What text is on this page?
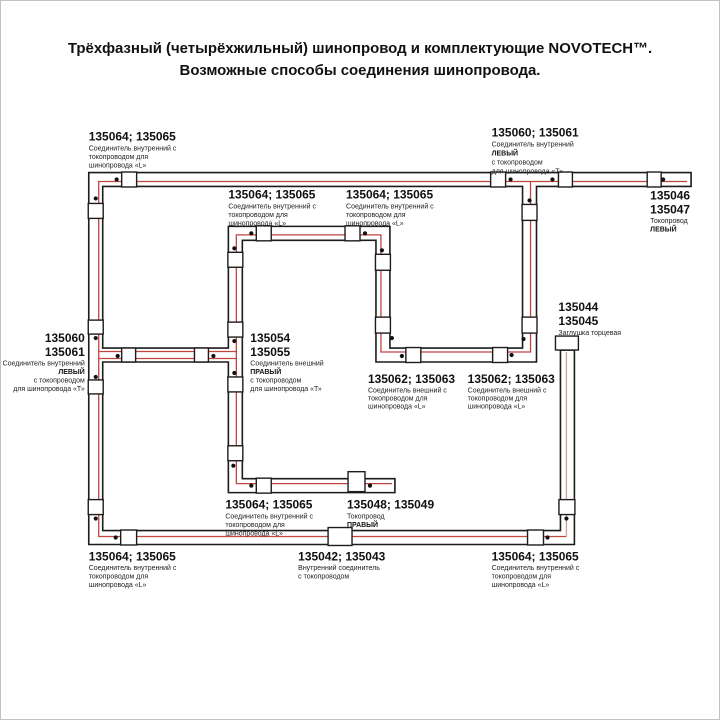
Трёхфазный (четырёхжильный) шинопровод и комплектующие NOVOTECH™.
Возможные способы соединения шинопровода.
135064; 135065
Соединитель внутренний с
токопроводом для
шинопровода «L»
135064; 135065
Соединитель внутренний с
токопроводом для
шинопровода «L»
135064; 135065
Соединитель внутренний с
токопроводом для
шинопровода «L»
135060; 135061
Соединитель внутренний
ЛЕВЫЙ
с токопроводом
для шинопровода «Т»
135046
135047
Токопровод
ЛЕВЫЙ
135044
135045
Заглушка торцевая
135060
135061
Соединитель внутренний
ЛЕВЫЙ
с токопроводом
для шинопровода «Т»
135054
135055
Соединитель внешний
ПРАВЫЙ
с токопроводом
для шинопровода «Т»
135062; 135063
Соединитель внешний с
токопроводом для
шинопровода «L»
135062; 135063
Соединитель внешний с
токопроводом для
шинопровода «L»
135064; 135065
Соединитель внутренний с
токопроводом для
шинопровода «L»
135048; 135049
Токопровод
ПРАВЫЙ
135064; 135065
Соединитель внутренний с
токопроводом для
шинопровода «L»
135042; 135043
Внутренний соединитель
с токопроводом
135064; 135065
Соединитель внутренний с
токопроводом для
шинопровода «L»
